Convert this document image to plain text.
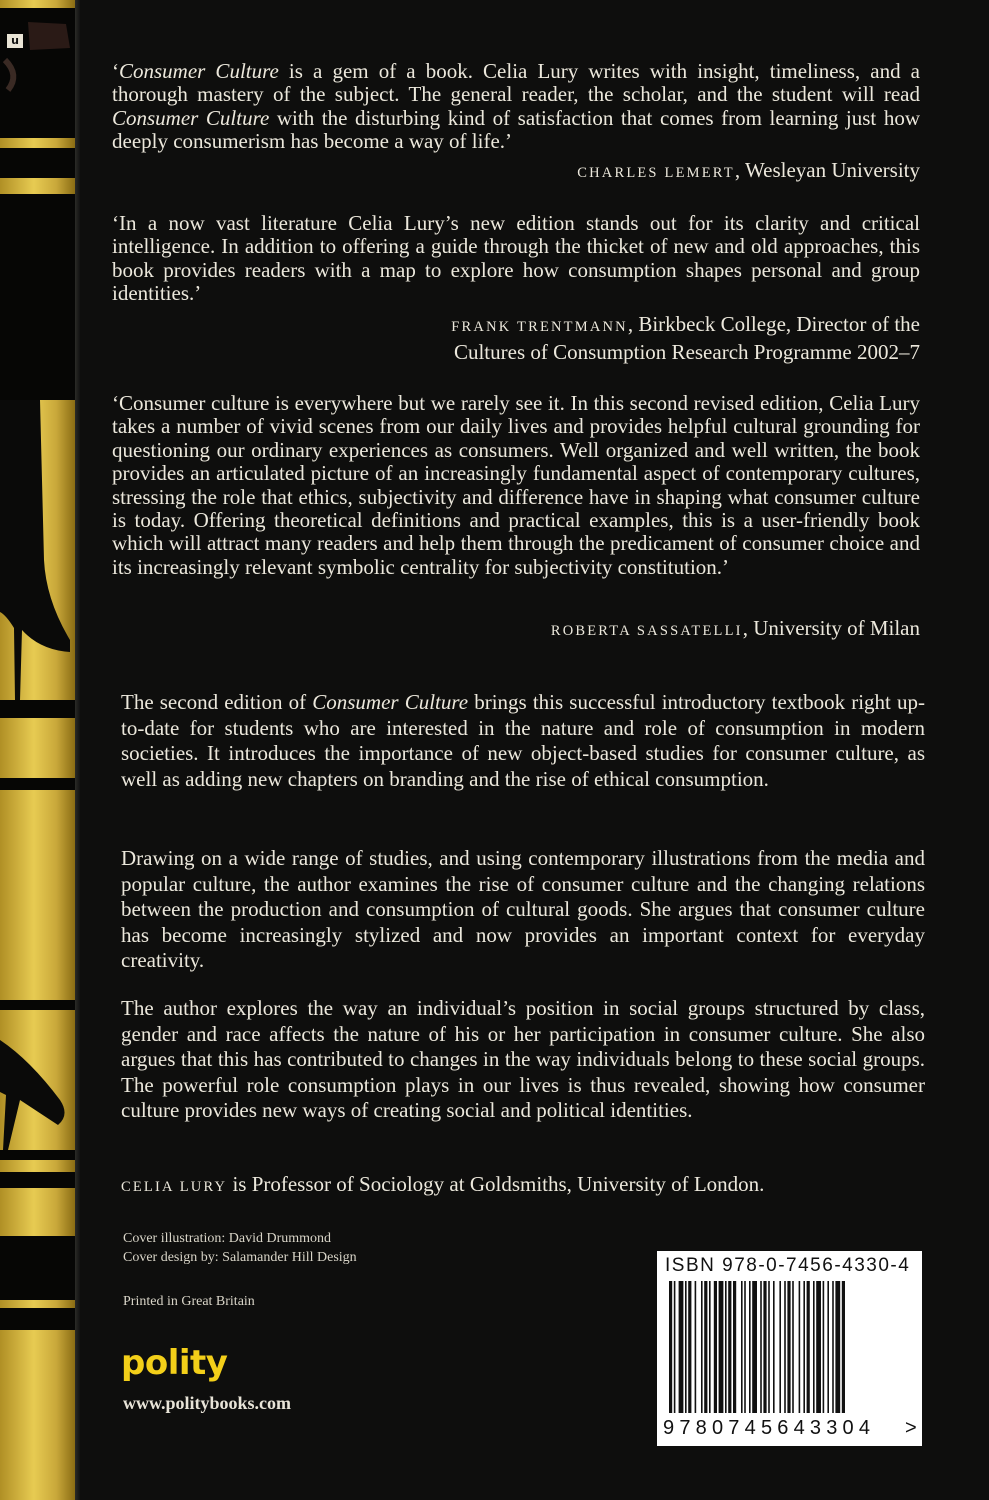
u
‘Consumer Culture is a gem of a book. Celia Lury writes with insight, timeliness, and a thorough mastery of the subject. The general reader, the scholar, and the student will read Consumer Culture with the disturbing kind of satisfaction that comes from learning just how deeply consumerism has become a way of life.’
CHARLES LEMERT, Wesleyan University
‘In a now vast literature Celia Lury’s new edition stands out for its clarity and critical intelligence. In addition to offering a guide through the thicket of new and old approaches, this book provides readers with a map to explore how consumption shapes personal and group identities.’
FRANK TRENTMANN, Birkbeck College, Director of the
Cultures of Consumption Research Programme 2002–7
‘Consumer culture is everywhere but we rarely see it. In this second revised edition, Celia Lury takes a number of vivid scenes from our daily lives and provides helpful cultural grounding for questioning our ordinary experiences as consumers. Well organized and well written, the book provides an articulated picture of an increasingly fundamental aspect of contemporary cultures, stressing the role that ethics, subjectivity and difference have in shaping what consumer culture is today. Offering theoretical definitions and practical examples, this is a user-friendly book which will attract many readers and help them through the predicament of consumer choice and its increasingly relevant symbolic centrality for subjectivity constitution.’
ROBERTA SASSATELLI, University of Milan
The second edition of Consumer Culture brings this successful introductory textbook right up-to-date for students who are interested in the nature and role of consumption in modern societies. It introduces the importance of new object-based studies for consumer culture, as well as adding new chapters on branding and the rise of ethical consumption.
Drawing on a wide range of studies, and using contemporary illustrations from the media and popular culture, the author examines the rise of consumer culture and the changing relations between the production and consumption of cultural goods. She argues that consumer culture has become increasingly stylized and now provides an important context for everyday creativity.
The author explores the way an individual’s position in social groups structured by class, gender and race affects the nature of his or her participation in consumer culture. She also argues that this has contributed to changes in the way individuals belong to these social groups. The powerful role consumption plays in our lives is thus revealed, showing how consumer culture provides new ways of creating social and political identities.
CELIA LURY is Professor of Sociology at Goldsmiths, University of London.
Cover illustration: David Drummond
Cover design by: Salamander Hill Design
Printed in Great Britain
polity
www.politybooks.com
ISBN 978-0-7456-4330-4
9780745643304 >
